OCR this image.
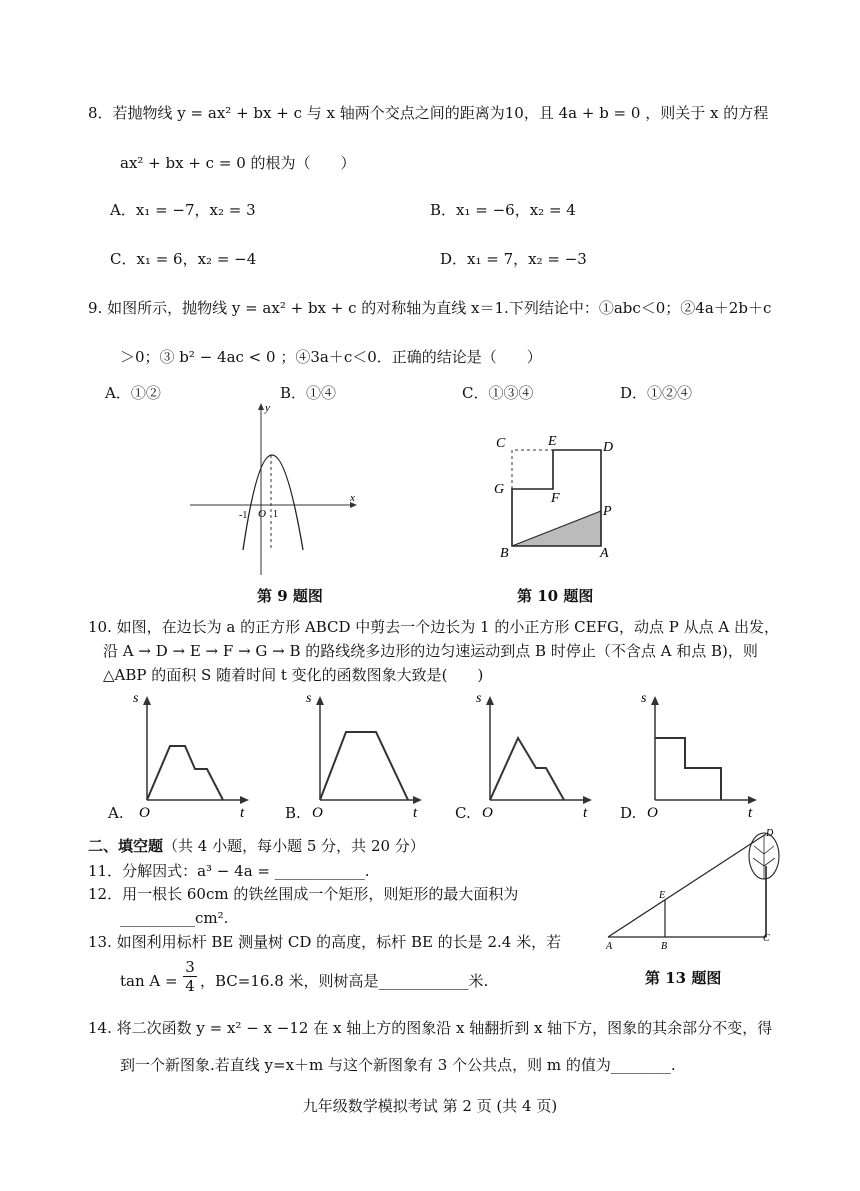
8．若抛物线 y = ax² + bx + c 与 x 轴两个交点之间的距离为10，且 4a + b = 0 ，则关于 x 的方程
ax² + bx + c = 0 的根为（　　）
A．x₁ = −7，x₂ = 3	B．x₁ = −6，x₂ = 4
C．x₁ = 6，x₂ = −4	D．x₁ = 7，x₂ = −3
9. 如图所示，抛物线 y = ax² + bx + c 的对称轴为直线 x＝1.下列结论中：①abc＜0；②4a＋2b＋c
＞0；③ b² − 4ac < 0 ；④3a＋c＜0．正确的结论是（　　）
A．①②	B．①④	C．①③④	D．①②④
x
y
O
-1	1
第 9 题图
C	E	D
G
F
P
B	A
第 10 题图
10. 如图，在边长为 a 的正方形 ABCD 中剪去一个边长为 1 的小正方形 CEFG，动点 P 从点 A 出发，
沿 A → D → E → F → G → B 的路线绕多边形的边匀速运动到点 B 时停止（不含点 A 和点 B)，则
△ABP 的面积 S 随着时间 t 变化的函数图象大致是(　　)
A.
s
t
O	B.
s
t
O	C.
s
t
O	D.
s
t
O
二、填空题（共 4 小题，每小题 5 分，共 20 分）
11．分解因式：a³ − 4a = ____________.
12．用一根长 60cm 的铁丝围成一个矩形，则矩形的最大面积为
__________cm².
13. 如图利用标杆 BE 测量树 CD 的高度，标杆 BE 的长是 2.4 米，若
$\tan A = \frac{3}{4}$ ，BC=16.8 米，则树高是____________米.
D
E
A	B
C
第 13 题图
14. 将二次函数 y = x² − x −12 在 x 轴上方的图象沿 x 轴翻折到 x 轴下方，图象的其余部分不变，得
到一个新图象.若直线 y=x＋m 与这个新图象有 3 个公共点，则 m 的值为________.
九年级数学模拟考试 第 2 页 (共 4 页)
